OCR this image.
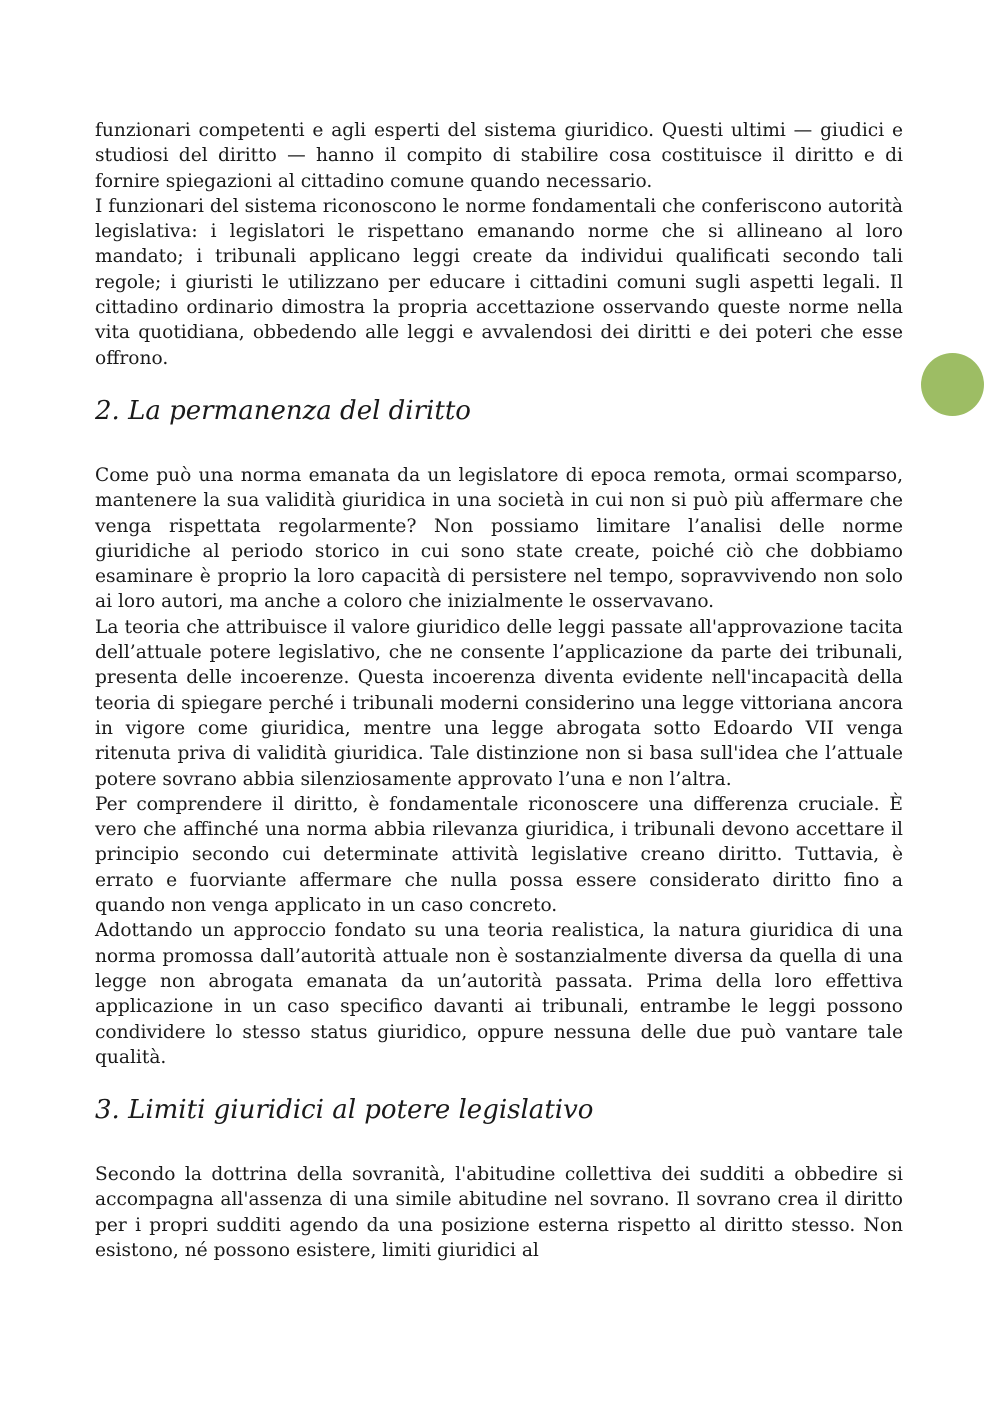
funzionari competenti e agli esperti del sistema giuridico. Questi ultimi — giudici e studiosi del diritto — hanno il compito di stabilire cosa costituisce il diritto e di fornire spiegazioni al cittadino comune quando necessario.

I funzionari del sistema riconoscono le norme fondamentali che conferiscono autorità legislativa: i legislatori le rispettano emanando norme che si allineano al loro mandato; i tribunali applicano leggi create da individui qualificati secondo tali regole; i giuristi le utilizzano per educare i cittadini comuni sugli aspetti legali. Il cittadino ordinario dimostra la propria accettazione osservando queste norme nella vita quotidiana, obbedendo alle leggi e avvalendosi dei diritti e dei poteri che esse offrono.

2. La permanenza del diritto

Come può una norma emanata da un legislatore di epoca remota, ormai scomparso, mantenere la sua validità giuridica in una società in cui non si può più affermare che venga rispettata regolarmente? Non possiamo limitare l’analisi delle norme giuridiche al periodo storico in cui sono state create, poiché ciò che dobbiamo esaminare è proprio la loro capacità di persistere nel tempo, sopravvivendo non solo ai loro autori, ma anche a coloro che inizialmente le osservavano.

La teoria che attribuisce il valore giuridico delle leggi passate all'approvazione tacita dell’attuale potere legislativo, che ne consente l’applicazione da parte dei tribunali, presenta delle incoerenze. Questa incoerenza diventa evidente nell'incapacità della teoria di spiegare perché i tribunali moderni considerino una legge vittoriana ancora in vigore come giuridica, mentre una legge abrogata sotto Edoardo VII venga ritenuta priva di validità giuridica. Tale distinzione non si basa sull'idea che l’attuale potere sovrano abbia silenziosamente approvato l’una e non l’altra.

Per comprendere il diritto, è fondamentale riconoscere una differenza cruciale. È vero che affinché una norma abbia rilevanza giuridica, i tribunali devono accettare il principio secondo cui determinate attività legislative creano diritto. Tuttavia, è errato e fuorviante affermare che nulla possa essere considerato diritto fino a quando non venga applicato in un caso concreto.

Adottando un approccio fondato su una teoria realistica, la natura giuridica di una norma promossa dall’autorità attuale non è sostanzialmente diversa da quella di una legge non abrogata emanata da un’autorità passata. Prima della loro effettiva applicazione in un caso specifico davanti ai tribunali, entrambe le leggi possono condividere lo stesso status giuridico, oppure nessuna delle due può vantare tale qualità.

3. Limiti giuridici al potere legislativo

Secondo la dottrina della sovranità, l'abitudine collettiva dei sudditi a obbedire si accompagna all'assenza di una simile abitudine nel sovrano. Il sovrano crea il diritto per i propri sudditi agendo da una posizione esterna rispetto al diritto stesso. Non esistono, né possono esistere, limiti giuridici al
